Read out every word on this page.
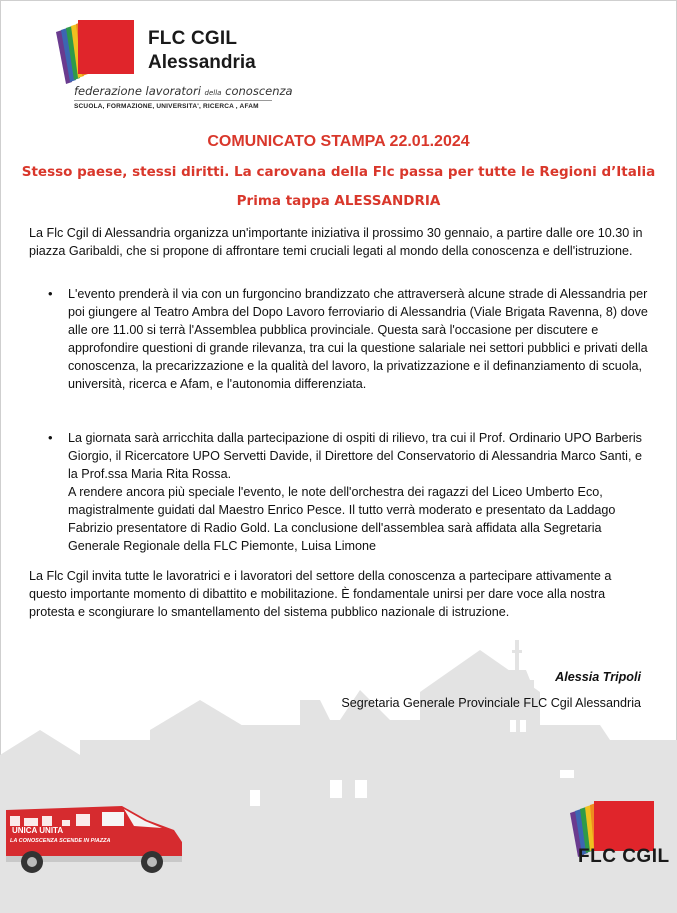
FLC CGIL
Alessandria
federazione lavoratori della conoscenza
SCUOLA, FORMAZIONE, UNIVERSITA', RICERCA , AFAM
COMUNICATO STAMPA 22.01.2024
Stesso paese, stessi diritti. La carovana della Flc passa per tutte le Regioni d’Italia
Prima tappa ALESSANDRIA
La Flc Cgil di Alessandria organizza un'importante iniziativa il prossimo 30 gennaio, a partire dalle ore 10.30 in piazza Garibaldi, che si propone di affrontare temi cruciali legati al mondo della conoscenza e dell'istruzione.
• L'evento prenderà il via con un furgoncino brandizzato che attraverserà alcune strade di Alessandria per poi giungere al Teatro Ambra del Dopo Lavoro ferroviario di Alessandria (Viale Brigata Ravenna, 8) dove alle ore 11.00 si terrà l'Assemblea pubblica provinciale. Questa sarà l'occasione per discutere e approfondire questioni di grande rilevanza, tra cui la questione salariale nei settori pubblici e privati della conoscenza, la precarizzazione e la qualità del lavoro, la privatizzazione e il definanziamento di scuola, università, ricerca e Afam, e l'autonomia differenziata.
• La giornata sarà arricchita dalla partecipazione di ospiti di rilievo, tra cui il Prof. Ordinario UPO Barberis Giorgio, il Ricercatore UPO Servetti Davide, il Direttore del Conservatorio di Alessandria Marco Santi, e la Prof.ssa Maria Rita Rossa.
A rendere ancora più speciale l'evento, le note dell'orchestra dei ragazzi del Liceo Umberto Eco, magistralmente guidati dal Maestro Enrico Pesce. Il tutto verrà moderato e presentato da Laddago Fabrizio presentatore di Radio Gold. La conclusione dell'assemblea sarà affidata alla Segretaria Generale Regionale della FLC Piemonte, Luisa Limone
La Flc Cgil invita tutte le lavoratrici e i lavoratori del settore della conoscenza a partecipare attivamente a questo importante momento di dibattito e mobilitazione. È fondamentale unirsi per dare voce alla nostra protesta e scongiurare lo smantellamento del sistema pubblico nazionale di istruzione.
Alessia Tripoli
Segretaria Generale Provinciale FLC Cgil Alessandria
UNICA UNITA
LA CONOSCENZA SCENDE IN PIAZZA
FLC CGIL
